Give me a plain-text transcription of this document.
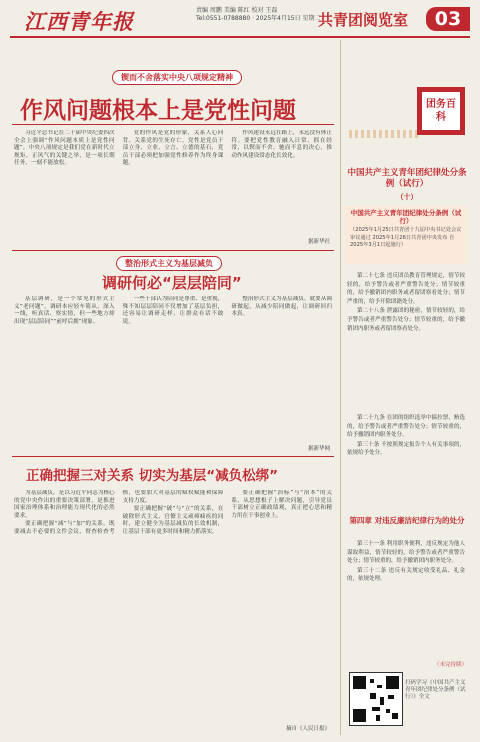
江西青年报	责编 周鹏 美编 陈红 校对 王磊
Tel:0551-0788880 · 2025年4月15日 星期二
共青团阅览室	03
锲而不舍落实中央八项规定精神
作风问题根本上是党性问题

习近平总书记在二十届中央纪委四次全会上强调“作风问题本质上是党性问题”。中央八项规定是我们党在新时代立规矩、正风气的关键之举，是一项长期任务，一刻不能放松。

党的作风是党的形象，关系人心向背、关系党的生死存亡。党性是党员干部立身、立业、立言、立德的基石，党员干部必须把加强党性修养作为终身课题。

作风建设永远在路上，永远没有休止符。要把党性教育融入日常、抓在经常，以锲而不舍、驰而不息的决心，推动作风建设常态化长效化。

据新华社
整治形式主义为基层减负
调研何必“层层陪同”

基层调研，是一个常见的形式主义“老问题”。调研本应轻车简从、深入一线，听真话、察实情，但一些地方却出现“层层陪同”“前呼后拥”现象。

一些干部认为陪同是尊重、是重视，殊不知层层陪同不仅增加了基层负担，还容易让调研走样、让群众有话不敢说。

整治形式主义为基层减负，就要从调研做起，从减少陪同做起，让调研回归本真。

据新华网
正确把握三对关系 切实为基层“减负松绑”

为基层减负，是以习近平同志为核心的党中央作出的重要决策部署，是推进国家治理体系和治理能力现代化的必然要求。

要正确把握“减”与“加”的关系，既要减去不必要的文件会议、督查检查考核，也要加大对基层的赋权赋能和保障支持力度。

要正确把握“破”与“立”的关系，在破除形式主义、官僚主义顽瘴痼疾的同时，建立健全为基层减负的长效机制，让基层干部有更多时间和精力抓落实。

要正确把握“治标”与“治本”的关系，从思想根子上解决问题，引导党员干部树立正确政绩观，真正把心思和精力用在干事创业上。

摘自《人民日报》
团务百科
中国共产主义青年团纪律处分条例（试行）
（十）
中国共产主义青年团纪律处分条例（试行）
（2025年1月25日共青团十九届中央书记处会议审议通过 2025年1月26日共青团中央发布 自2025年3月1日起施行）

第二十七条 违反团员教育管理规定，情节较轻的，给予警告或者严重警告处分；情节较重的，给予撤销团内职务或者留团察看处分；情节严重的，给予开除团籍处分。

第二十八条 泄露团的秘密，情节较轻的，给予警告或者严重警告处分；情节较重的，给予撤销团内职务或者留团察看处分。

第二十九条 在团的组织选举中搞拉票、贿选的，给予警告或者严重警告处分；情节较重的，给予撤销团内职务处分。

第三十条 不按照规定报告个人有关事项的，依规给予处分。

第四章 对违反廉洁纪律行为的处分

第三十一条 利用职务便利，违反规定为他人谋取利益，情节较轻的，给予警告或者严重警告处分；情节较重的，给予撤销团内职务处分。

第三十二条 违反有关规定收受礼品、礼金的，依规处理。

（未完待续）
扫码学习《中国共产主义青年团纪律处分条例（试行）》全文
